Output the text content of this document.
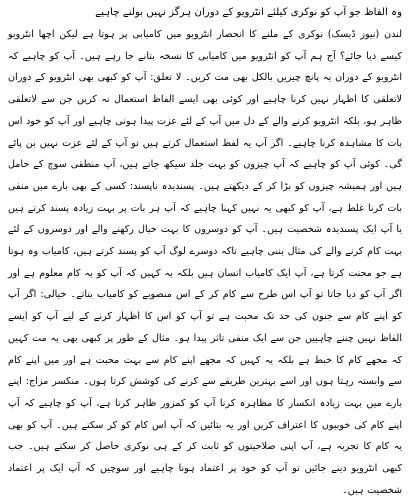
وہ الفاظ جو آپ کو نوکری کیلئے انٹرویو کے دوران ہرگز نہیں بولنے چاہیے

لندن (نیوز ڈیسک) نوکری کے ملنے کا انحصار انٹرویو میں کامیابی پر ہوتا ہے لیکن اچھا انٹرویو کیسے دیا جائے؟ آج ہم آپ کو انٹرویو میں کامیابی کا نسخہ بتانے جا رہے ہیں۔ آپ کو چاہیے کہ انٹرویو کے دوران یہ پانچ چیزیں بالکل بھی مت کریں۔ لا تعلق: آپ کو کبھی بھی انٹرویو کے دوران لاتعلقی کا اظہار نہیں کرنا چاہیے اور کوئی بھی ایسے الفاظ استعمال نہ کریں جن سے لاتعلقی ظاہر ہو، بلکہ انٹرویو کرنے والے کے دل میں آپ کے لئے عزت پیدا ہونی چاہیے اور آپ کو خود اس بات کا مشاہدہ کرنا چاہیے۔ اگر آپ یہ لفظ استعمال کرتے ہیں تو آپ کے لئے عزت نہیں بن پائے گی۔ کوئی آپ کو چاہیے کہ آپ چیزوں کو بہت جلد سیکھ جاتے ہیں، آپ منطقی سوچ کے حامل ہیں اور ہمیشہ چیزوں کو بڑا کر کے دیکھتے ہیں۔ پسندیدہ ناپسند: کسی کے بھی بارے میں منفی بات کرنا غلط ہے، آپ کو کبھی یہ نہیں کہنا چاہیے کہ آپ ہر بات پر بہت زیادہ پسند کرتے ہیں یا آپ ایک پسندیدہ شخصیت ہیں۔ آپ کو دوسروں کا بہت خیال رکھنے والے اور دوسروں کے لئے بہت کام کرنے والے کی مثال بننی چاہیے تاکہ دوسرے لوگ آپ کو پسند کرتے ہیں، کامیاب وہ ہوتا ہے جو محنت کرتا ہے، آپ ایک کامیاب انسان ہیں بلکہ یہ کہیں کہ آپ کو یہ کام معلوم ہے اور اگر آپ کو دیا جاتا تو آپ اس طرح سے کام کر کے اس منصوبے کو کامیاب بناتے۔ خیالی: اگر آپ کو اپنے کام سے جنون کی حد تک محبت ہے تو آپ کو اس کا اظہار کرنے کے لیے آپ کو ایسے الفاظ نہیں چننے چاہییں جن سے ایک منفی تاثر پیدا ہو۔ مثال کے طور پر کبھی بھی یہ مت کہیں کہ مجھے کام کا خبط ہے بلکہ یہ کہیں کہ مجھے اپنے کام سے بہت محبت ہے اور میں اپنے کام سے وابستہ رہتا ہوں اور اسے بہترین طریقے سے کرنے کی کوشش کرتا ہوں۔ منکسر مزاج: اپنے بارے میں بہت زیادہ انکسار کا مظاہرہ کرنا آپ کو کمزور ظاہر کرتا ہے، آپ کو چاہیے کہ آپ اپنے کام کی خوبیوں کا اعتراف کریں اور یہ بتائیں کہ آپ اس کام کو کر سکتے ہیں۔ آپ کو بھی یہ کام کا تجربہ ہے، آپ اپنی صلاحیتوں کو ثابت کر کے ہی نوکری حاصل کر سکتے ہیں۔ جب کبھی انٹرویو دینے جائیں تو آپ کو خود پر اعتماد ہونا چاہیے اور سوچیں کہ آپ ایک پر اعتماد شخصیت ہیں۔
